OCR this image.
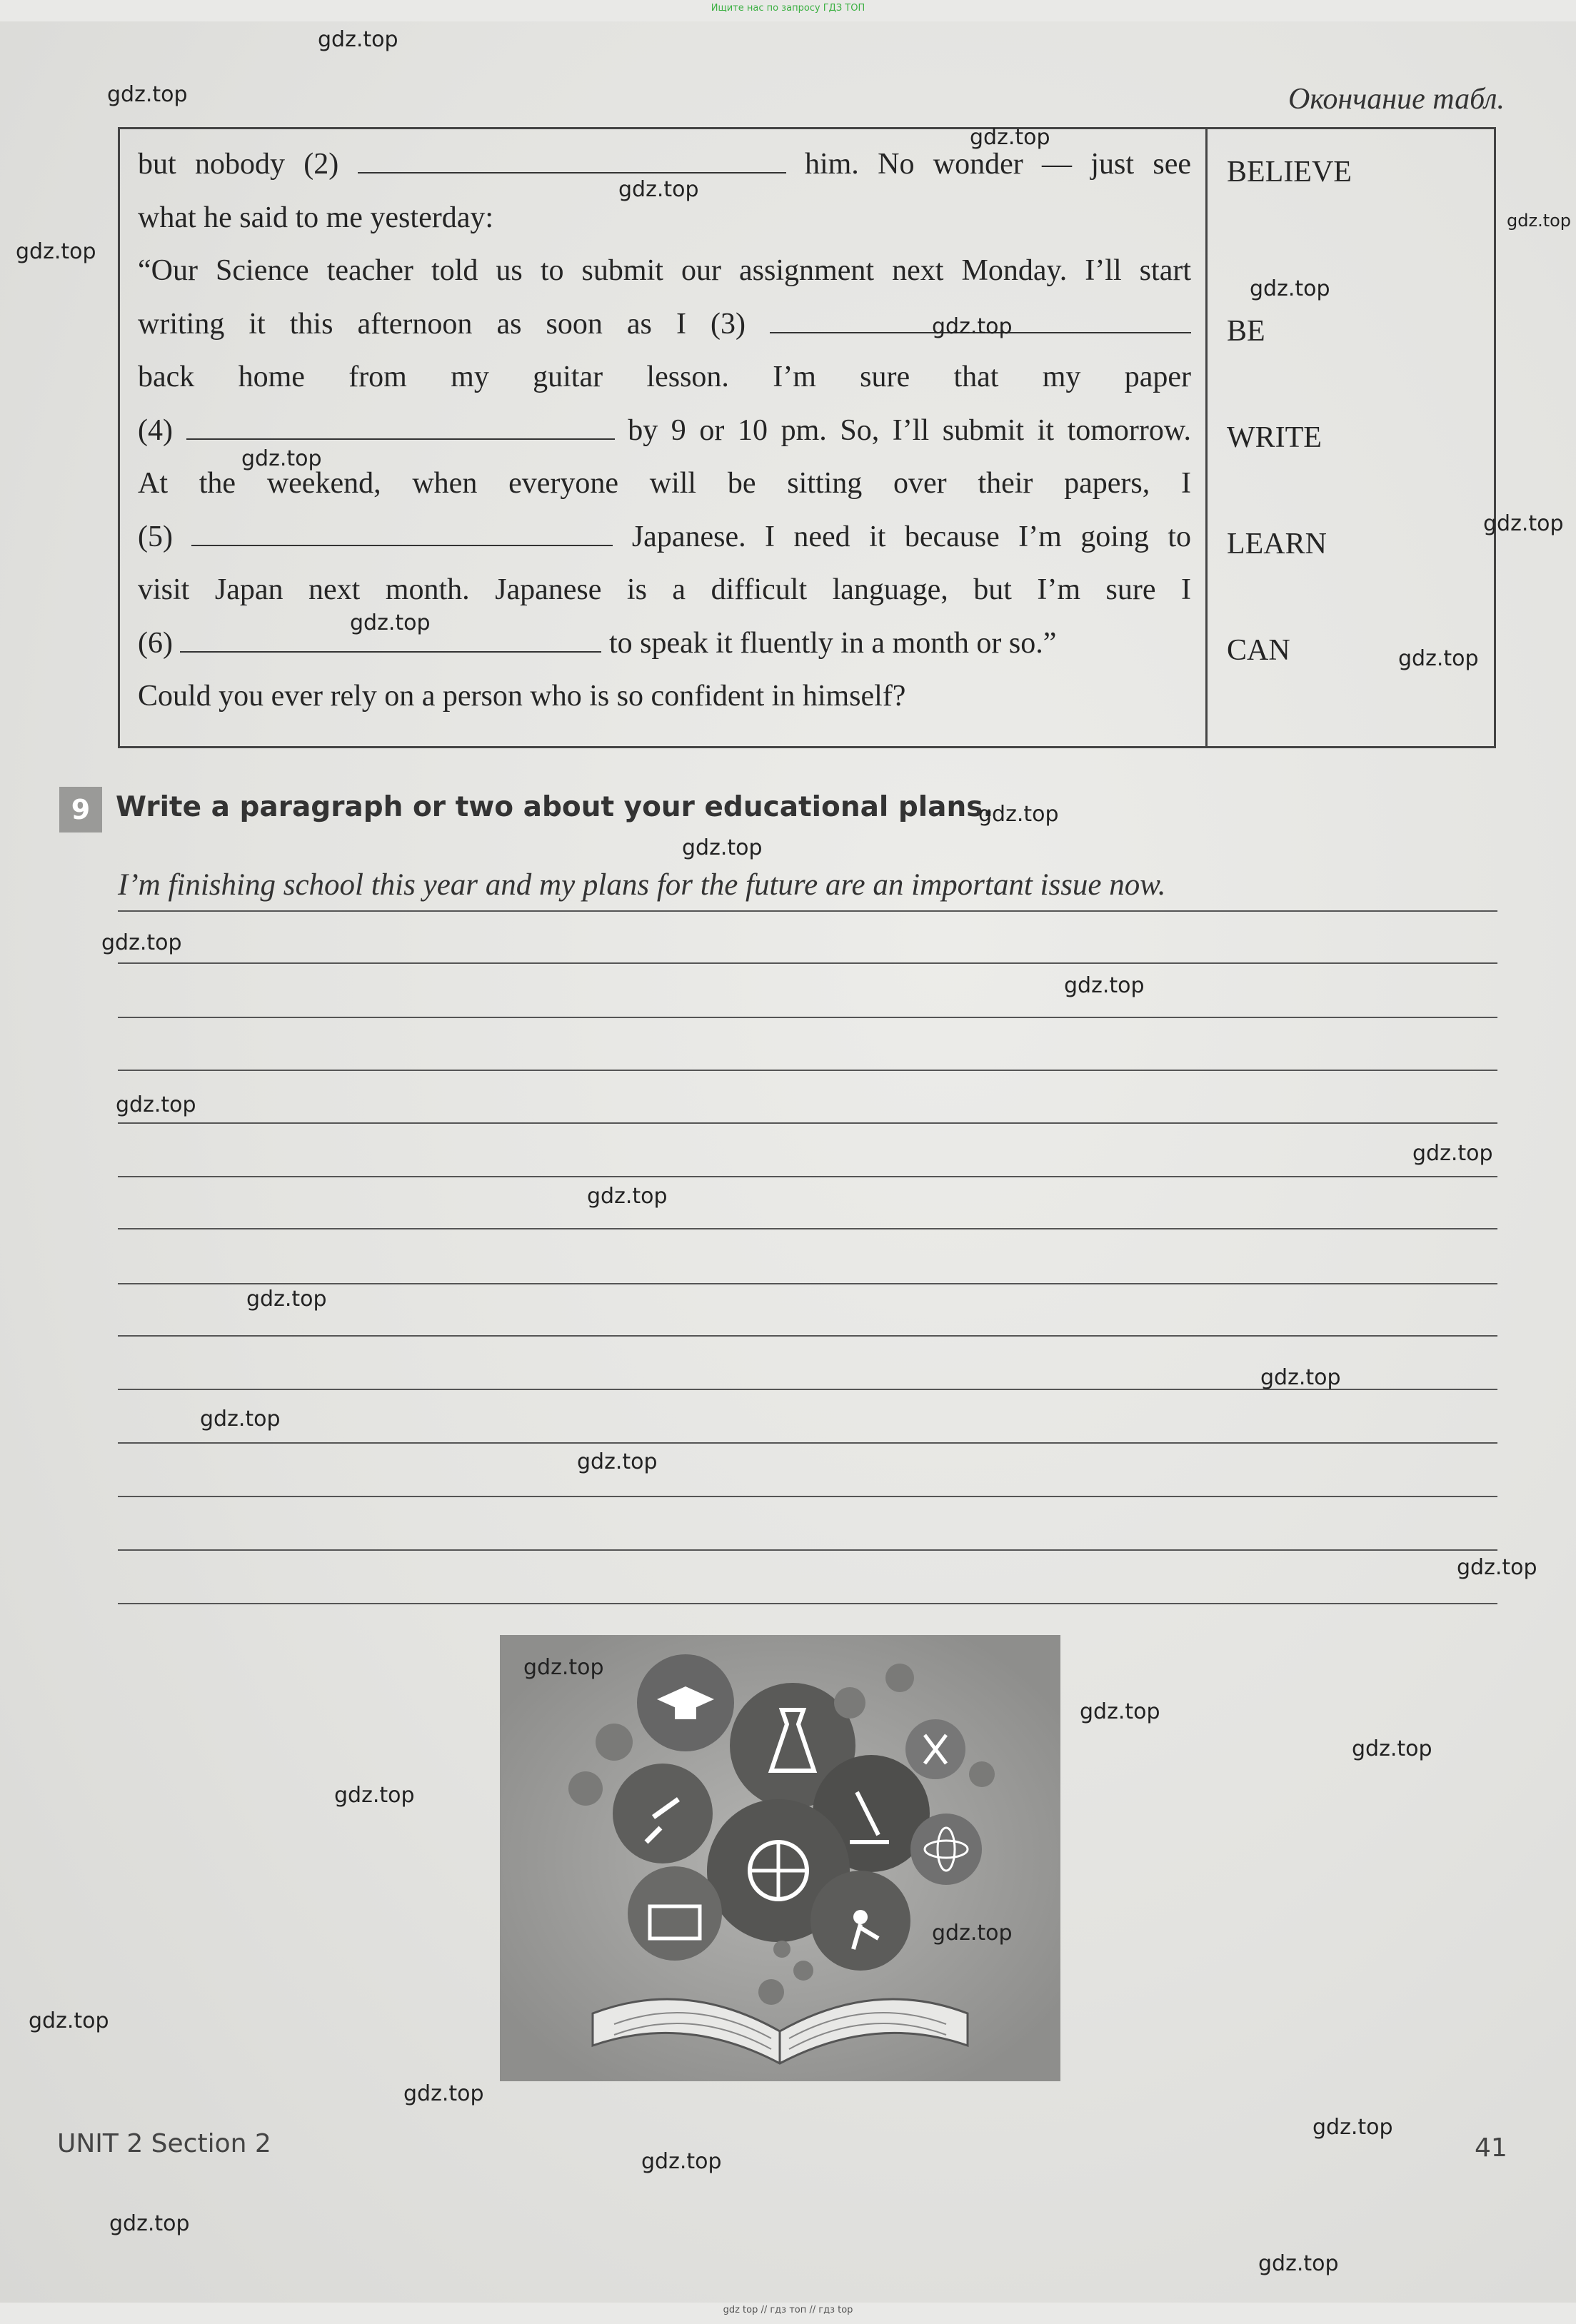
Ищите нас по запросу ГДЗ ТОП

Окончание табл.
but nobody (2)	him. No wonder — just see
what he said to me yesterday:
“Our Science teacher told us to submit our assignment next Monday. I’ll start
writing it this afternoon as soon as I (3)
back home from my guitar lesson. I’m sure that my paper
(4)	by 9 or 10 pm. So, I’ll submit it tomorrow.
At the weekend, when everyone will be sitting over their papers, I
(5)	Japanese. I need it because I’m going to
visit Japan next month. Japanese is a difficult language, but I’m sure I
(6)	to speak it fluently in a month or so.”
Could you ever rely on a person who is so confident in himself?
BELIEVE
BE
WRITE
LEARN
CAN
9 Write a paragraph or two about your educational plans.
I’m finishing school this year and my plans for the future are an important issue now.
UNIT 2 Section 2	41
gdz.top
gdz.top
gdz.top
gdz.top
gdz.top
gdz.top
gdz.top
gdz.top
gdz.top
gdz.top
gdz.top
gdz.top
gdz.top
gdz.top
gdz.top
gdz.top
gdz.top
gdz.top
gdz.top
gdz.top
gdz.top
gdz.top
gdz.top
gdz.top
gdz.top
gdz.top
gdz.top
gdz.top
gdz.top
gdz.top
gdz.top
gdz.top
gdz.top
gdz.top
gdz.top
gdz top // гдз топ // гдз top
